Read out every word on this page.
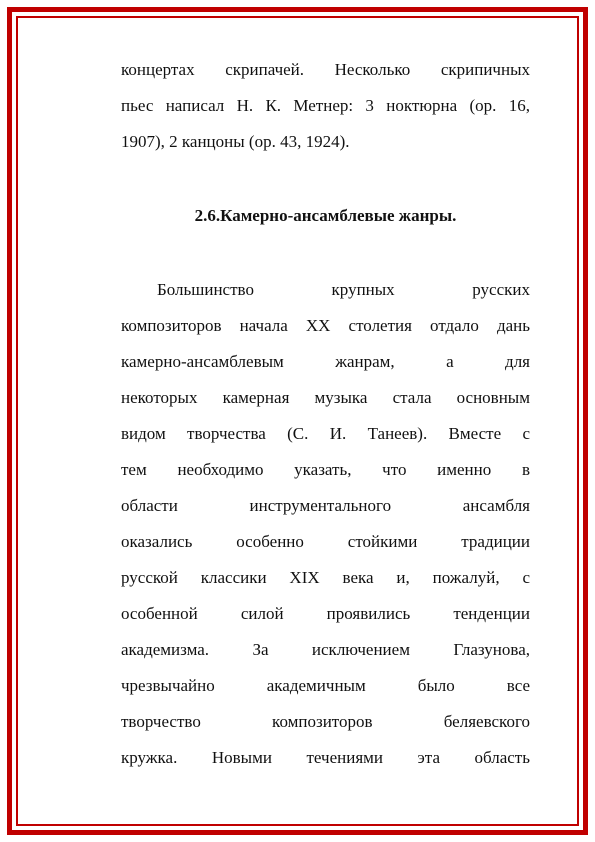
концертах скрипачей. Несколько скрипичных
пьес написал Н. К. Метнер: 3 ноктюрна (ор. 16,
1907), 2 канцоны (ор. 43, 1924).
2.6.Камерно-ансамблевые жанры.
Большинство крупных русских
композиторов начала XX столетия отдало дань
камерно-ансамблевым жанрам, а для
некоторых камерная музыка стала основным
видом творчества (С. И. Танеев). Вместе с
тем необходимо указать, что именно в
области инструментального ансамбля
оказались особенно стойкими традиции
русской классики XIX века и, пожалуй, с
особенной силой проявились тенденции
академизма. За исключением Глазунова,
чрезвычайно академичным было все
творчество композиторов беляевского
кружка. Новыми течениями эта область
